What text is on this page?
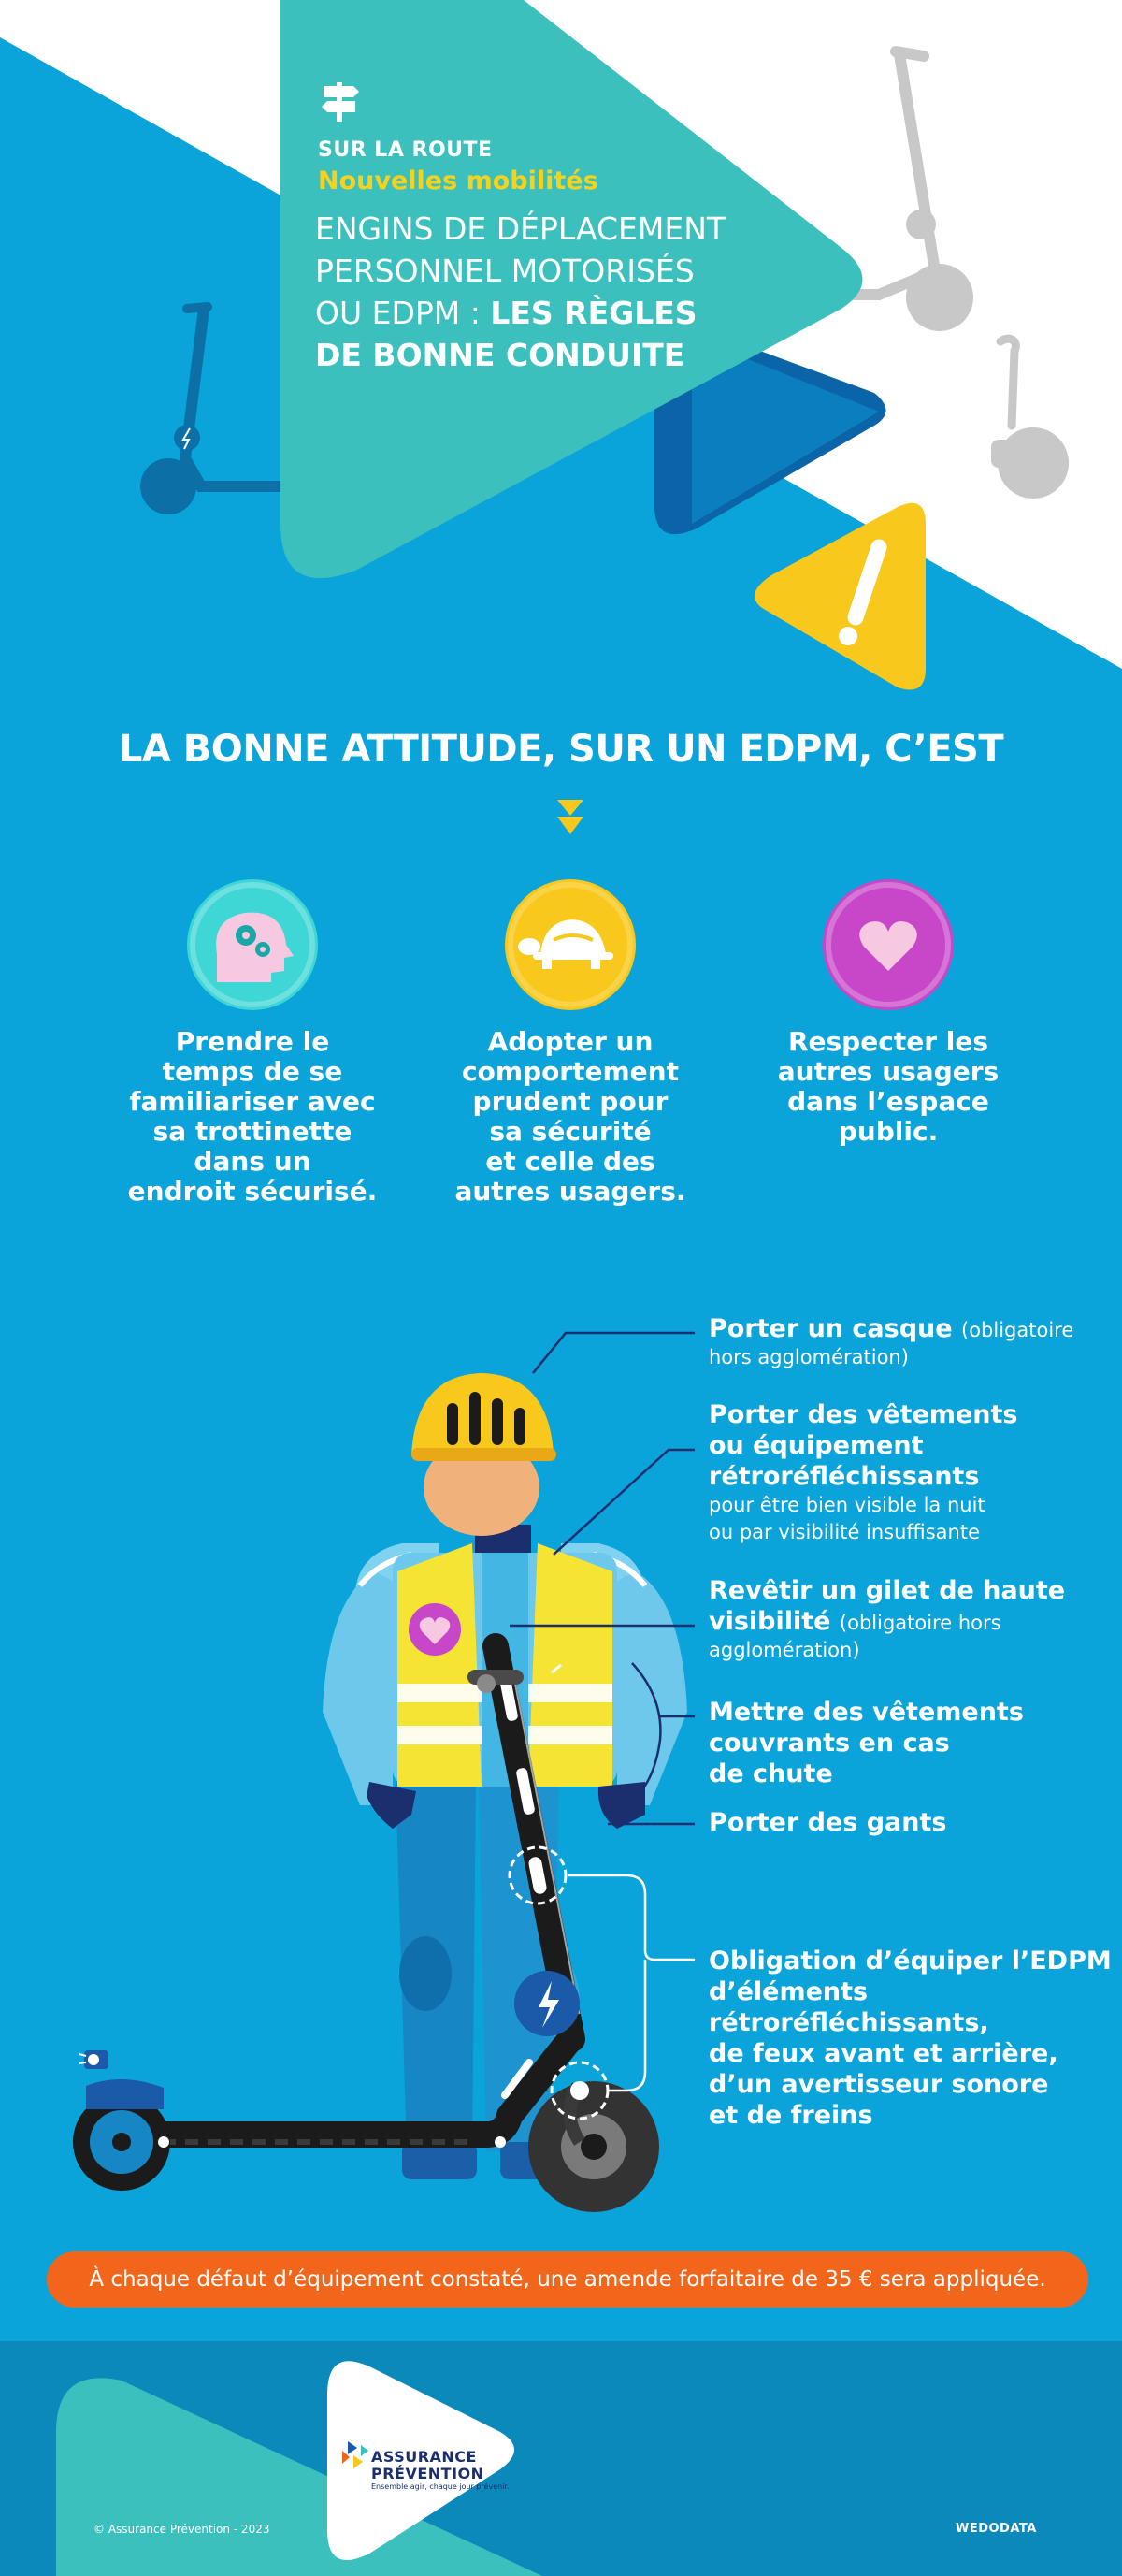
SUR LA ROUTE
Nouvelles mobilités
ENGINS DE DÉPLACEMENT
PERSONNEL MOTORISÉS
OU EDPM : LES RÈGLES
DE BONNE CONDUITE
LA BONNE ATTITUDE, SUR UN EDPM, C’EST
Prendre le
temps de se
familiariser avec
sa trottinette
dans un
endroit sécurisé.
Adopter un
comportement
prudent pour
sa sécurité
et celle des
autres usagers.
Respecter les
autres usagers
dans l’espace
public.
Porter un casque (obligatoire
hors agglomération)
Porter des vêtements
ou équipement
rétroréfléchissants
pour être bien visible la nuit
ou par visibilité insuffisante
Revêtir un gilet de haute
visibilité (obligatoire hors
agglomération)
Mettre des vêtements
couvrants en cas
de chute
Porter des gants
Obligation d’équiper l’EDPM
d’éléments rétroréfléchissants,
de feux avant et arrière,
d’un avertisseur sonore
et de freins
À chaque défaut d’équipement constaté, une amende forfaitaire de 35 € sera appliquée.
ASSURANCE
PRÉVENTION
Ensemble agir, chaque jour prévenir.
© Assurance Prévention - 2023	WEDODATA
